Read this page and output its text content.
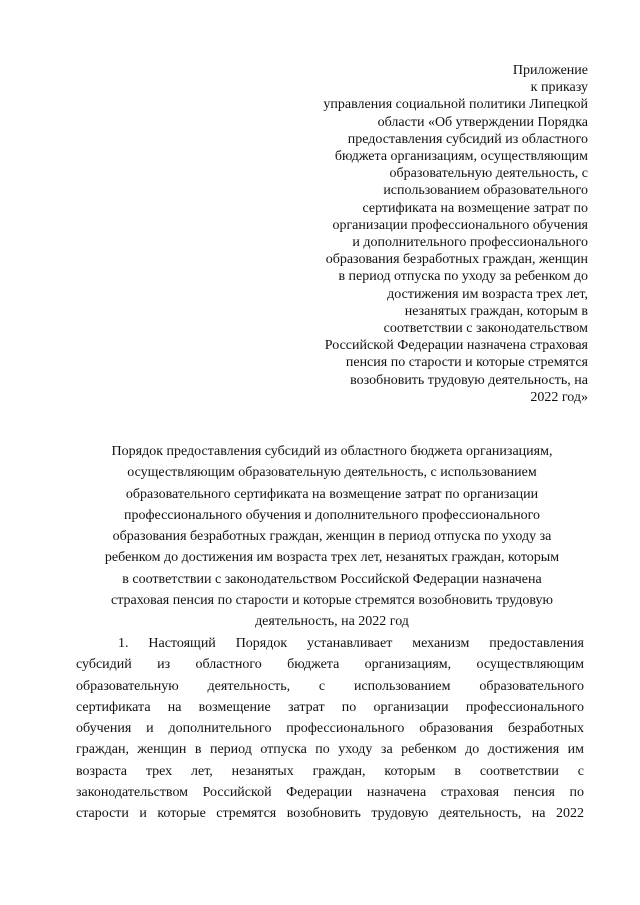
Приложение
к приказу
управления социальной политики Липецкой
области «Об утверждении Порядка
предоставления субсидий из областного
бюджета организациям, осуществляющим
образовательную деятельность, с
использованием образовательного
сертификата на возмещение затрат по
организации профессионального обучения
и дополнительного профессионального
образования безработных граждан, женщин
в период отпуска по уходу за ребенком до
достижения им возраста трех лет,
незанятых граждан, которым в
соответствии с законодательством
Российской Федерации назначена страховая
пенсия по старости и которые стремятся
возобновить трудовую деятельность, на
2022 год»
Порядок предоставления субсидий из областного бюджета организациям,
осуществляющим образовательную деятельность, с использованием
образовательного сертификата на возмещение затрат по организации
профессионального обучения и дополнительного профессионального
образования безработных граждан, женщин в период отпуска по уходу за
ребенком до достижения им возраста трех лет, незанятых граждан, которым
в соответствии с законодательством Российской Федерации назначена
страховая пенсия по старости и которые стремятся возобновить трудовую
деятельность, на 2022 год
1. Настоящий Порядок устанавливает механизм предоставления
субсидий из областного бюджета организациям, осуществляющим
образовательную деятельность, с использованием образовательного
сертификата на возмещение затрат по организации профессионального
обучения и дополнительного профессионального образования безработных
граждан, женщин в период отпуска по уходу за ребенком до достижения им
возраста трех лет, незанятых граждан, которым в соответствии с
законодательством Российской Федерации назначена страховая пенсия по
старости и которые стремятся возобновить трудовую деятельность, на 2022
